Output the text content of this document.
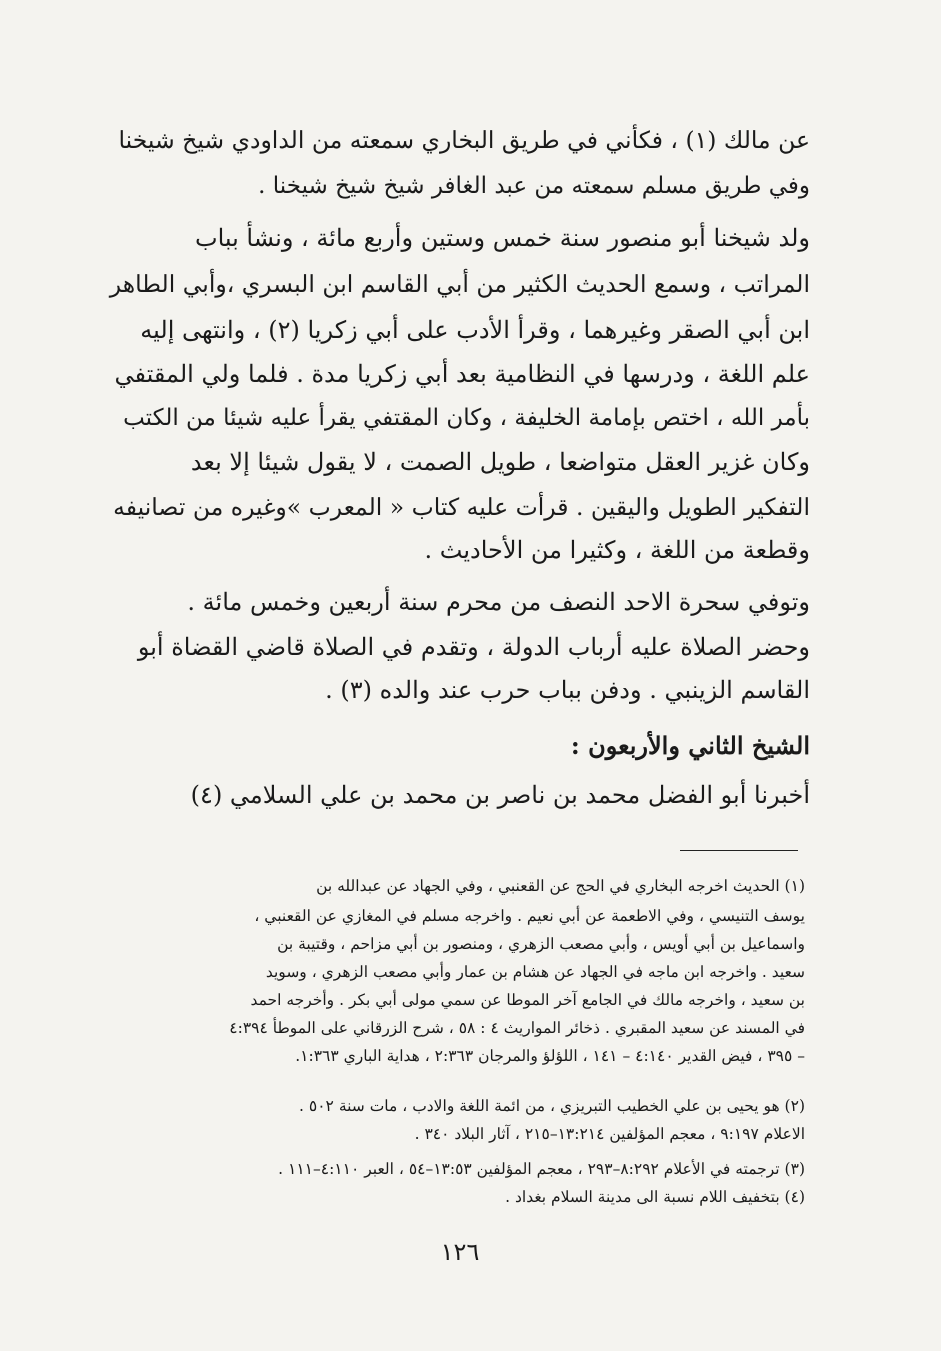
عن مالك (١) ، فكأني في طريق البخاري سمعته من الداودي شيخ شيخنا
وفي طريق مسلم سمعته من عبد الغافر شيخ شيخ شيخنا .
ولد شيخنا أبو منصور سنة خمس وستين وأربع مائة ، ونشأ بباب
المراتب ، وسمع الحديث الكثير من أبي القاسم ابن البسري ،وأبي الطاهر
ابن أبي الصقر وغيرهما ، وقرأ الأدب على أبي زكريا (٢) ، وانتهى إليه
علم اللغة ، ودرسها في النظامية بعد أبي زكريا مدة . فلما ولي المقتفي
بأمر الله ، اختص بإمامة الخليفة ، وكان المقتفي يقرأ عليه شيئا من الكتب
وكان غزير العقل متواضعا ، طويل الصمت ، لا يقول شيئا إلا بعد
التفكير الطويل واليقين . قرأت عليه كتاب « المعرب »وغيره من تصانيفه
وقطعة من اللغة ، وكثيرا من الأحاديث .
وتوفي سحرة الاحد النصف من محرم سنة أربعين وخمس مائة .
وحضر الصلاة عليه أرباب الدولة ، وتقدم في الصلاة قاضي القضاة أبو
القاسم الزينبي . ودفن بباب حرب عند والده (٣) .
الشيخ الثاني والأربعون :
أخبرنا أبو الفضل محمد بن ناصر بن محمد بن علي السلامي (٤)
(١) الحديث اخرجه البخاري في الحج عن القعنبي ، وفي الجهاد عن عبدالله بن
يوسف التنيسي ، وفي الاطعمة عن أبي نعيم . واخرجه مسلم في المغازي عن القعنبي ،
واسماعيل بن أبي أويس ، وأبي مصعب الزهري ، ومنصور بن أبي مزاحم ، وقتيبة بن
سعيد . واخرجه ابن ماجه في الجهاد عن هشام بن عمار وأبي مصعب الزهري ، وسويد
بن سعيد ، واخرجه مالك في الجامع آخر الموطا عن سمي مولى أبي بكر . وأخرجه احمد
في المسند عن سعيد المقبري . ذخائر المواريث ٤ : ٥٨ ، شرح الزرقاني على الموطأ ٤:٣٩٤
– ٣٩٥ ، فيض القدير ٤:١٤٠ – ١٤١ ، اللؤلؤ والمرجان ٢:٣٦٣ ، هداية الباري ١:٣٦٣.
(٢) هو يحيى بن علي الخطيب التبريزي ، من ائمة اللغة والادب ، مات سنة ٥٠٢ .
الاعلام ٩:١٩٧ ، معجم المؤلفين ١٣:٢١٤–٢١٥ ، آثار البلاد ٣٤٠ .
(٣) ترجمته في الأعلام ٨:٢٩٢–٢٩٣ ، معجم المؤلفين ١٣:٥٣–٥٤ ، العبر ٤:١١٠–١١١ .
(٤) بتخفيف اللام نسبة الى مدينة السلام بغداد .
١٢٦
